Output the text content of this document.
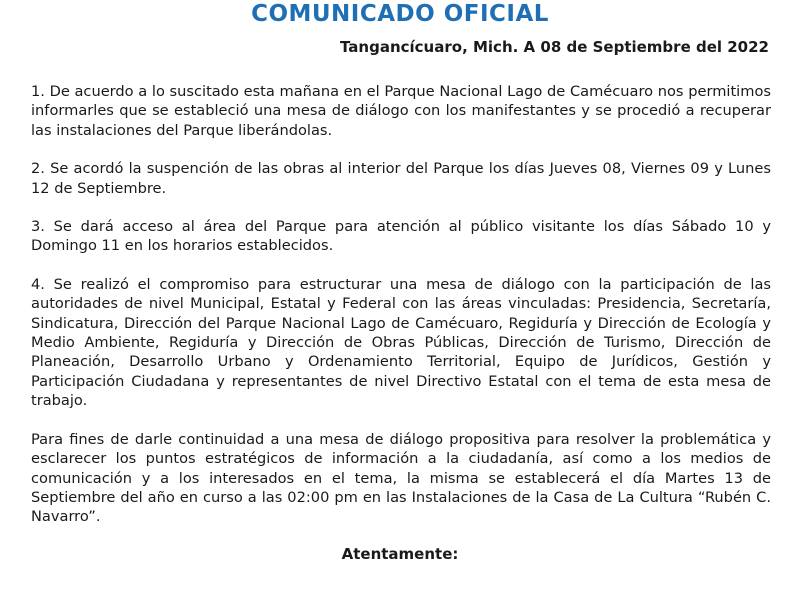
COMUNICADO OFICIAL
Tangancícuaro, Mich. A 08 de Septiembre del 2022

1. De acuerdo a lo suscitado esta mañana en el Parque Nacional Lago de Camécuaro nos permitimos informarles que se estableció una mesa de diálogo con los manifestantes y se procedió a recuperar las instalaciones del Parque liberándolas.

2. Se acordó la suspención de las obras al interior del Parque los días Jueves 08, Viernes 09 y Lunes 12 de Septiembre.

3. Se dará acceso al área del Parque para atención al público visitante los días Sábado 10 y Domingo 11 en los horarios establecidos.

4. Se realizó el compromiso para estructurar una mesa de diálogo con la participación de las autoridades de nivel Municipal, Estatal y Federal con las áreas vinculadas: Presidencia, Secretaría, Sindicatura, Dirección del Parque Nacional Lago de Camécuaro, Regiduría y Dirección de Ecología y Medio Ambiente, Regiduría y Dirección de Obras Públicas, Dirección de Turismo, Dirección de Planeación, Desarrollo Urbano y Ordenamiento Territorial, Equipo de Jurídicos, Gestión y Participación Ciudadana y representantes de nivel Directivo Estatal con el tema de esta mesa de trabajo.

Para fines de darle continuidad a una mesa de diálogo propositiva para resolver la problemática y esclarecer los puntos estratégicos de información a la ciudadanía, así como a los medios de comunicación y a los interesados en el tema, la misma se establecerá el día Martes 13 de Septiembre del año en curso a las 02:00 pm en las Instalaciones de la Casa de La Cultura “Rubén C. Navarro”.

Atentamente:
